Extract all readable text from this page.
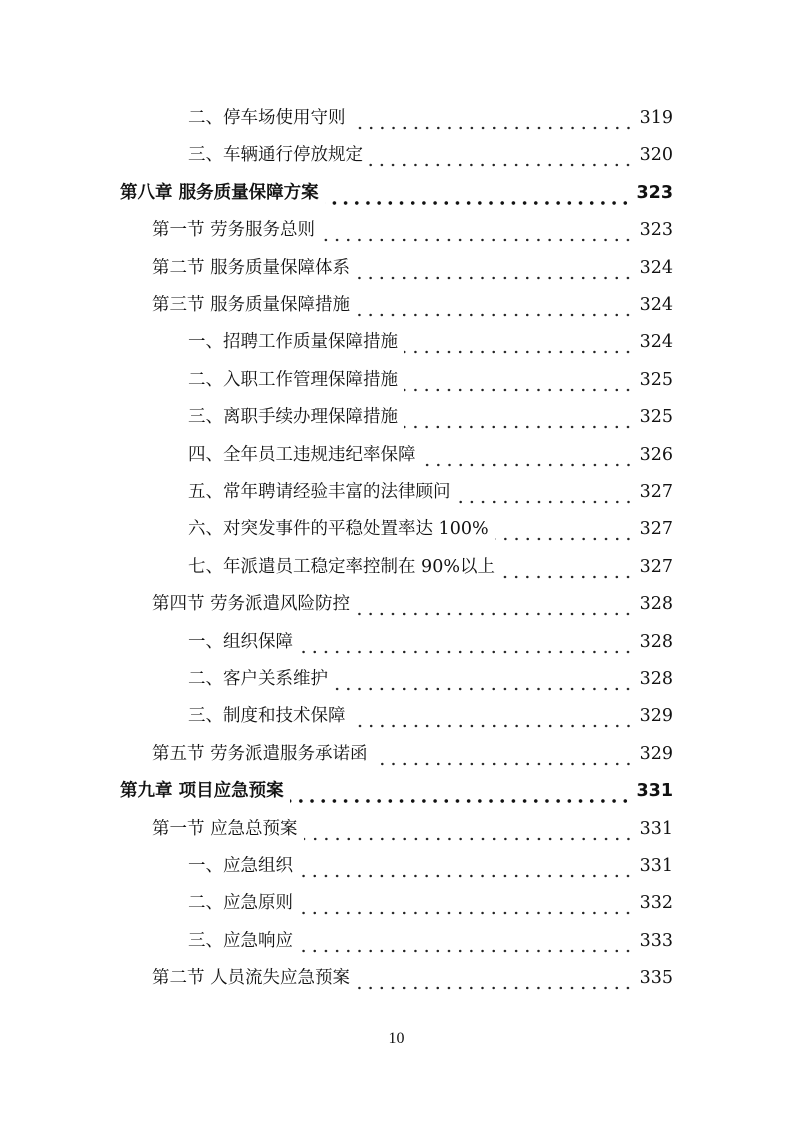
二、停车场使用守则	319
三、车辆通行停放规定	320
第八章 服务质量保障方案	323
第一节 劳务服务总则	323
第二节 服务质量保障体系	324
第三节 服务质量保障措施	324
一、招聘工作质量保障措施	324
二、入职工作管理保障措施	325
三、离职手续办理保障措施	325
四、全年员工违规违纪率保障	326
五、常年聘请经验丰富的法律顾问	327
六、对突发事件的平稳处置率达 100%	327
七、年派遣员工稳定率控制在 90%以上	327
第四节 劳务派遣风险防控	328
一、组织保障	328
二、客户关系维护	328
三、制度和技术保障	329
第五节 劳务派遣服务承诺函	329
第九章 项目应急预案	331
第一节 应急总预案	331
一、应急组织	331
二、应急原则	332
三、应急响应	333
第二节 人员流失应急预案	335
10
